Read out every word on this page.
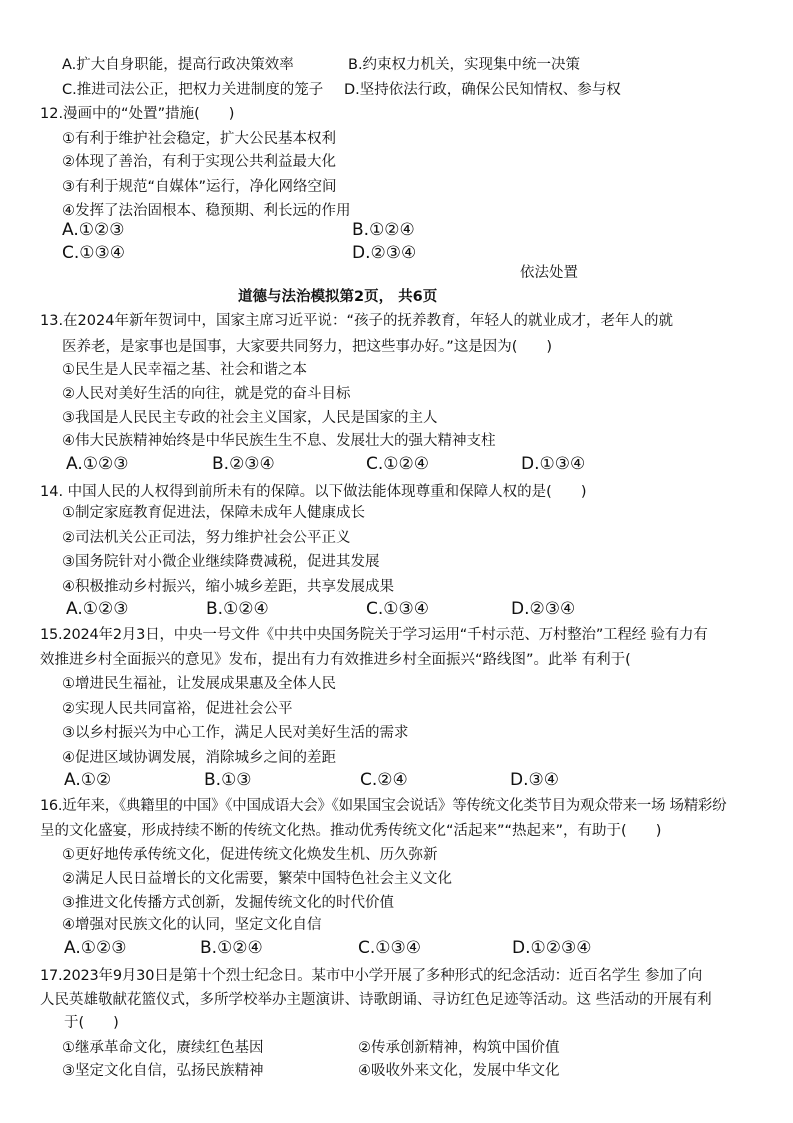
A.扩大自身职能，提高行政决策效率	B.约束权力机关，实现集中统一决策
C.推进司法公正，把权力关进制度的笼子 D.坚持依法行政，确保公民知情权、参与权
12.漫画中的“处置”措施(　　)
①有利于维护社会稳定，扩大公民基本权利
②体现了善治，有利于实现公共利益最大化
③有利于规范“自媒体”运行，净化网络空间
④发挥了法治固根本、稳预期、利长远的作用
A.①②③	B.①②④
C.①③④	D.②③④
依法处置
道德与法治模拟第2页， 共6页
13.在2024年新年贺词中，国家主席习近平说：“孩子的抚养教育，年轻人的就业成才，老年人的就
医养老，是家事也是国事，大家要共同努力，把这些事办好。”这是因为(　　)
①民生是人民幸福之基、社会和谐之本
②人民对美好生活的向往，就是党的奋斗目标
③我国是人民民主专政的社会主义国家，人民是国家的主人
④伟大民族精神始终是中华民族生生不息、发展壮大的强大精神支柱
A.①②③	B.②③④	C.①②④	D.①③④
14. 中国人民的人权得到前所未有的保障。以下做法能体现尊重和保障人权的是(　　)
①制定家庭教育促进法，保障未成年人健康成长
②司法机关公正司法，努力维护社会公平正义
③国务院针对小微企业继续降费减税，促进其发展
④积极推动乡村振兴，缩小城乡差距，共享发展成果
A.①②③	B.①②④	C.①③④	D.②③④
15.2024年2月3日，中央一号文件《中共中央国务院关于学习运用“千村示范、万村整治”工程经 验有力有
效推进乡村全面振兴的意见》发布，提出有力有效推进乡村全面振兴“路线图”。此举 有利于(
①增进民生福祉，让发展成果惠及全体人民
②实现人民共同富裕，促进社会公平
③以乡村振兴为中心工作，满足人民对美好生活的需求
④促进区域协调发展，消除城乡之间的差距
A.①②	B.①③	C.②④	D.③④
16.近年来，《典籍里的中国》《中国成语大会》《如果国宝会说话》等传统文化类节目为观众带来一场 场精彩纷
呈的文化盛宴，形成持续不断的传统文化热。推动优秀传统文化“活起来”“热起来”，有助于(　　)
①更好地传承传统文化，促进传统文化焕发生机、历久弥新
②满足人民日益增长的文化需要，繁荣中国特色社会主义文化
③推进文化传播方式创新，发掘传统文化的时代价值
④增强对民族文化的认同，坚定文化自信
A.①②③	B.①②④	C.①③④	D.①②③④
17.2023年9月30日是第十个烈士纪念日。某市中小学开展了多种形式的纪念活动：近百名学生 参加了向
人民英雄敬献花篮仪式，多所学校举办主题演讲、诗歌朗诵、寻访红色足迹等活动。这 些活动的开展有利
于(　　)
①继承革命文化，赓续红色基因	②传承创新精神，构筑中国价值
③坚定文化自信，弘扬民族精神	④吸收外来文化，发展中华文化
